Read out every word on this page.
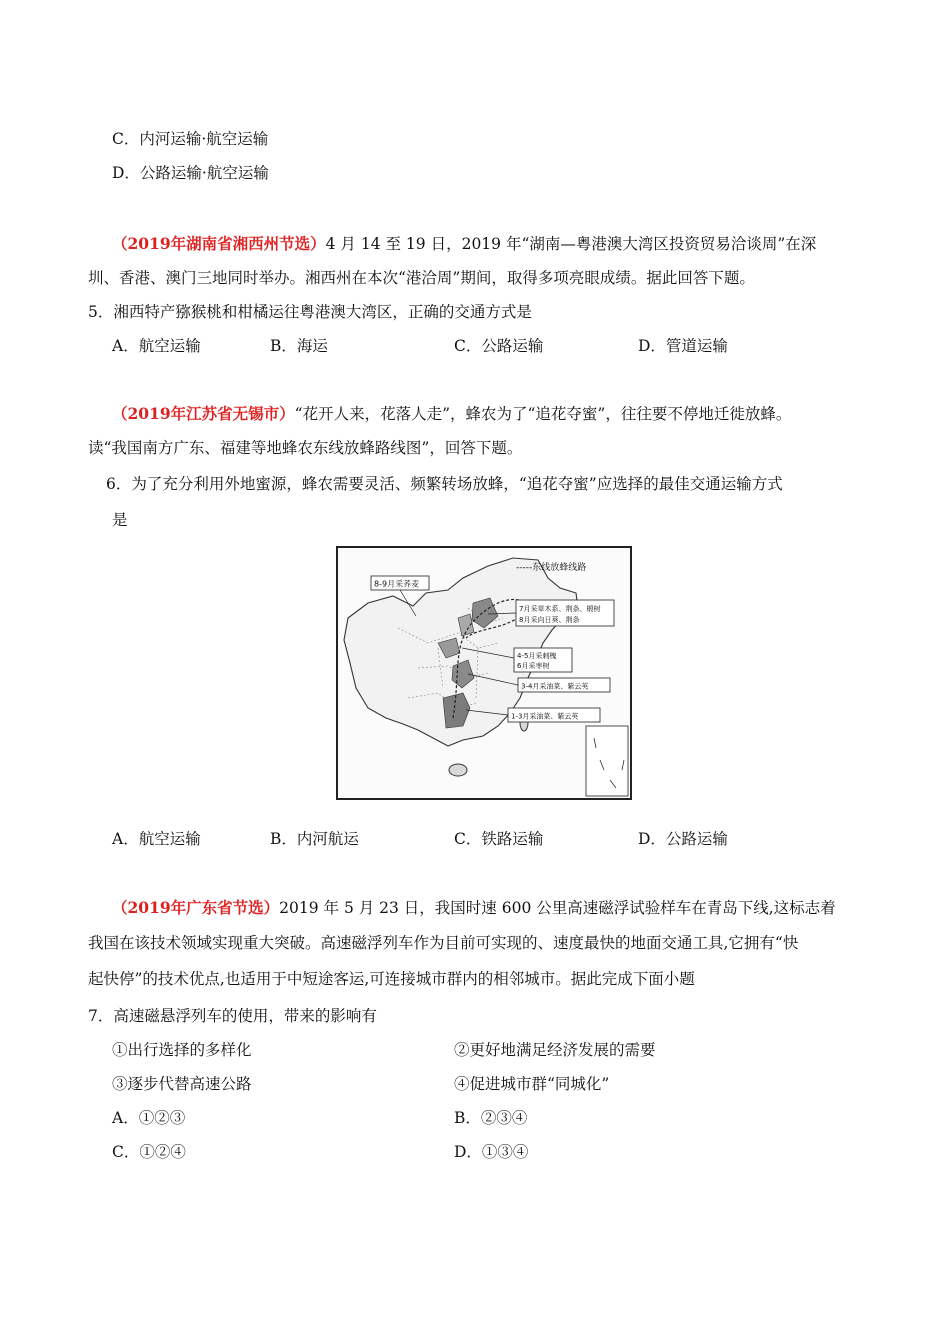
C．内河运输·航空运输
D．公路运输·航空运输
（2019年湖南省湘西州节选）4 月 14 至 19 日，2019 年“湖南—粤港澳大湾区投资贸易洽谈周”在深
圳、香港、澳门三地同时举办。湘西州在本次“港洽周”期间，取得多项亮眼成绩。据此回答下题。
5．湘西特产猕猴桃和柑橘运往粤港澳大湾区，正确的交通方式是
A．航空运输	B．海运	C．公路运输	D．管道运输
（2019年江苏省无锡市）“花开人来，花落人走”，蜂农为了“追花夺蜜”，往往要不停地迁徙放蜂。
读“我国南方广东、福建等地蜂农东线放蜂路线图”，回答下题。
6．为了充分利用外地蜜源，蜂农需要灵活、频繁转场放蜂，“追花夺蜜”应选择的最佳交通运输方式
是
8-9月采荞麦
7月采草木系、荆条、椴树
8月采向日葵、荆条
4-5月采刺槐
6月采枣树
3-4月采油菜、紫云英
1-3月采油菜、紫云英
-----东线放蜂线路
A．航空运输	B．内河航运	C．铁路运输	D．公路运输
（2019年广东省节选）2019 年 5 月 23 日，我国时速 600 公里高速磁浮试验样车在青岛下线,这标志着
我国在该技术领域实现重大突破。高速磁浮列车作为目前可实现的、速度最快的地面交通工具,它拥有“快
起快停”的技术优点,也适用于中短途客运,可连接城市群内的相邻城市。据此完成下面小题
7．高速磁悬浮列车的使用，带来的影响有
①出行选择的多样化	②更好地满足经济发展的需要
③逐步代替高速公路	④促进城市群“同城化”
A．①②③	B．②③④
C．①②④	D．①③④
